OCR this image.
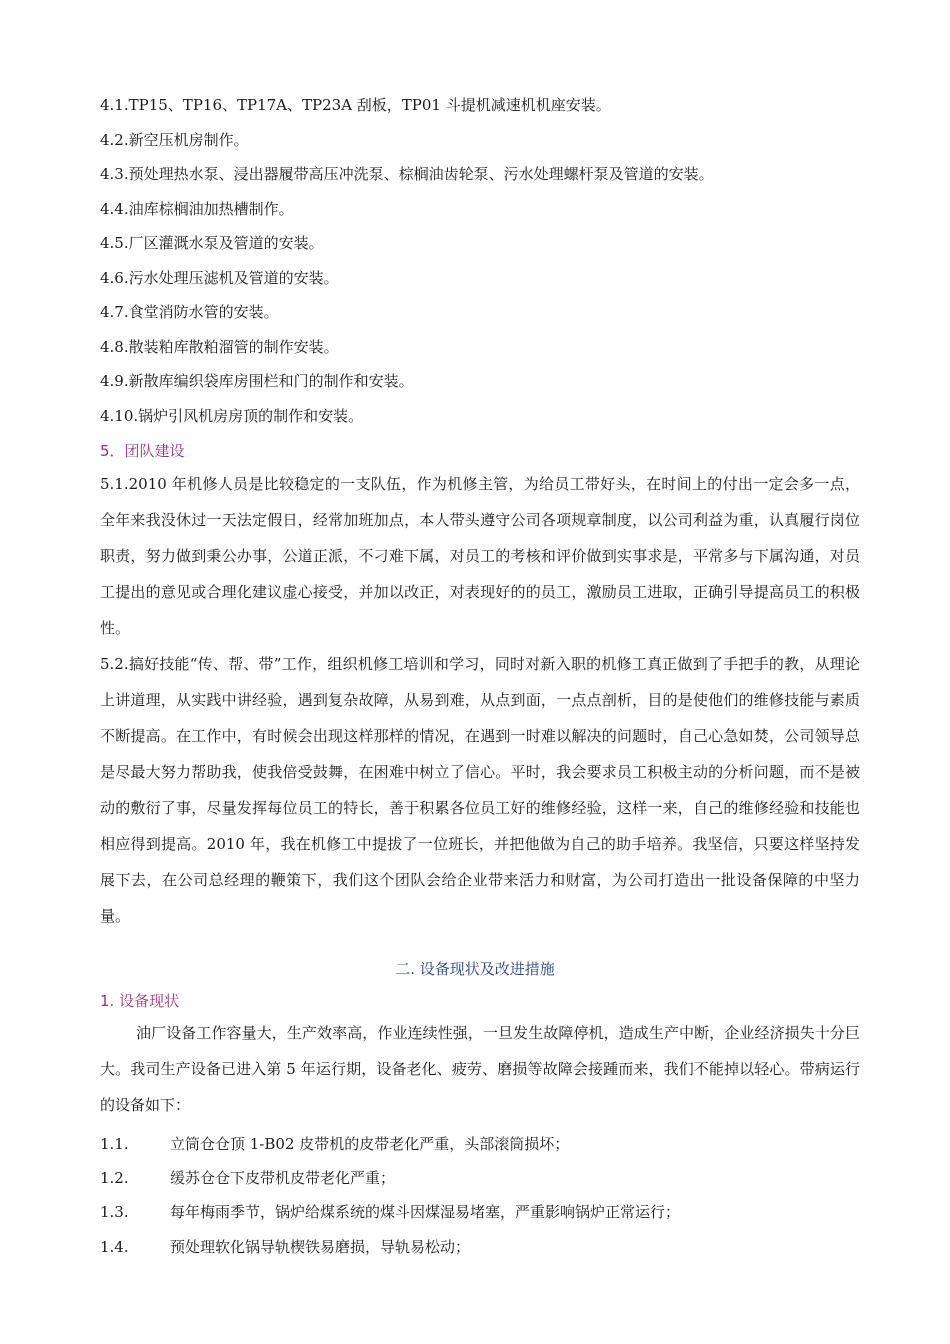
4.1.TP15、TP16、TP17A、TP23A 刮板，TP01 斗提机减速机机座安装。
4.2.新空压机房制作。
4.3.预处理热水泵、浸出器履带高压冲洗泵、棕榈油齿轮泵、污水处理螺杆泵及管道的安装。
4.4.油库棕榈油加热槽制作。
4.5.厂区灌溉水泵及管道的安装。
4.6.污水处理压滤机及管道的安装。
4.7.食堂消防水管的安装。
4.8.散装粕库散粕溜管的制作安装。
4.9.新散库编织袋库房围栏和门的制作和安装。
4.10.锅炉引风机房房顶的制作和安装。
5．团队建设

5.1.2010 年机修人员是比较稳定的一支队伍，作为机修主管，为给员工带好头，在时间上的付出一定会多一点，全年来我没休过一天法定假日，经常加班加点，本人带头遵守公司各项规章制度，以公司利益为重，认真履行岗位职责，努力做到秉公办事，公道正派，不刁难下属，对员工的考核和评价做到实事求是，平常多与下属沟通，对员工提出的意见或合理化建议虚心接受，并加以改正，对表现好的的员工，激励员工进取，正确引导提高员工的积极性。

5.2.搞好技能“传、帮、带”工作，组织机修工培训和学习，同时对新入职的机修工真正做到了手把手的教，从理论上讲道理，从实践中讲经验，遇到复杂故障，从易到难，从点到面，一点点剖析，目的是使他们的维修技能与素质不断提高。在工作中，有时候会出现这样那样的情况，在遇到一时难以解决的问题时，自己心急如焚，公司领导总是尽最大努力帮助我，使我倍受鼓舞，在困难中树立了信心。平时，我会要求员工积极主动的分析问题，而不是被动的敷衍了事，尽量发挥每位员工的特长，善于积累各位员工好的维修经验，这样一来，自己的维修经验和技能也相应得到提高。2010 年，我在机修工中提拔了一位班长，并把他做为自己的助手培养。我坚信，只要这样坚持发展下去，在公司总经理的鞭策下，我们这个团队会给企业带来活力和财富，为公司打造出一批设备保障的中坚力量。

二. 设备现状及改进措施
1. 设备现状

油厂设备工作容量大，生产效率高，作业连续性强，一旦发生故障停机，造成生产中断，企业经济损失十分巨大。我司生产设备已进入第 5 年运行期，设备老化、疲劳、磨损等故障会接踵而来，我们不能掉以轻心。带病运行的设备如下：

1.1.	立筒仓仓顶 1-B02 皮带机的皮带老化严重，头部滚筒损坏；
1.2.	缓苏仓仓下皮带机皮带老化严重；
1.3.	每年梅雨季节，锅炉给煤系统的煤斗因煤湿易堵塞，严重影响锅炉正常运行；
1.4.	预处理软化锅导轨楔铁易磨损，导轨易松动；
